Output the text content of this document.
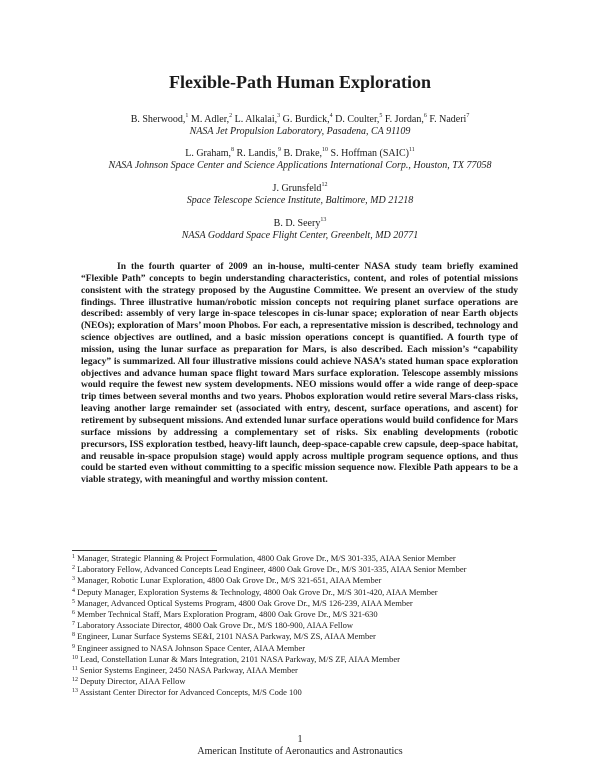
Flexible-Path Human Exploration
B. Sherwood,$^1$ M. Adler,$^2$ L. Alkalai,$^3$ G. Burdick,$^4$ D. Coulter,$^5$ F. Jordan,$^6$ F. Naderi$^7$
NASA Jet Propulsion Laboratory, Pasadena, CA 91109
L. Graham,$^8$ R. Landis,$^9$ B. Drake,$^{10}$ S. Hoffman (SAIC)$^{11}$
NASA Johnson Space Center and Science Applications International Corp., Houston, TX 77058
J. Grunsfeld$^{12}$
Space Telescope Science Institute, Baltimore, MD 21218
B. D. Seery$^{13}$
NASA Goddard Space Flight Center, Greenbelt, MD 20771

In the fourth quarter of 2009 an in-house, multi-center NASA study team briefly examined “Flexible Path” concepts to begin understanding characteristics, content, and roles of potential missions consistent with the strategy proposed by the Augustine Committee. We present an overview of the study findings. Three illustrative human/robotic mission concepts not requiring planet surface operations are described: assembly of very large in-space telescopes in cis-lunar space; exploration of near Earth objects (NEOs); exploration of Mars’ moon Phobos. For each, a representative mission is described, technology and science objectives are outlined, and a basic mission operations concept is quantified. A fourth type of mission, using the lunar surface as preparation for Mars, is also described. Each mission’s “capability legacy” is summarized. All four illustrative missions could achieve NASA’s stated human space exploration objectives and advance human space flight toward Mars surface exploration. Telescope assembly missions would require the fewest new system developments. NEO missions would offer a wide range of deep-space trip times between several months and two years. Phobos exploration would retire several Mars-class risks, leaving another large remainder set (associated with entry, descent, surface operations, and ascent) for retirement by subsequent missions. And extended lunar surface operations would build confidence for Mars surface missions by addressing a complementary set of risks. Six enabling developments (robotic precursors, ISS exploration testbed, heavy-lift launch, deep-space-capable crew capsule, deep-space habitat, and reusable in-space propulsion stage) would apply across multiple program sequence options, and thus could be started even without committing to a specific mission sequence now. Flexible Path appears to be a viable strategy, with meaningful and worthy mission content.

$^1$ Manager, Strategic Planning & Project Formulation, 4800 Oak Grove Dr., M/S 301-335, AIAA Senior Member
$^2$ Laboratory Fellow, Advanced Concepts Lead Engineer, 4800 Oak Grove Dr., M/S 301-335, AIAA Senior Member
$^3$ Manager, Robotic Lunar Exploration, 4800 Oak Grove Dr., M/S 321-651, AIAA Member
$^4$ Deputy Manager, Exploration Systems & Technology, 4800 Oak Grove Dr., M/S 301-420, AIAA Member
$^5$ Manager, Advanced Optical Systems Program, 4800 Oak Grove Dr., M/S 126-239, AIAA Member
$^6$ Member Technical Staff, Mars Exploration Program, 4800 Oak Grove Dr., M/S 321-630
$^7$ Laboratory Associate Director, 4800 Oak Grove Dr., M/S 180-900, AIAA Fellow
$^8$ Engineer, Lunar Surface Systems SE&I, 2101 NASA Parkway, M/S ZS, AIAA Member
$^9$ Engineer assigned to NASA Johnson Space Center, AIAA Member
$^{10}$ Lead, Constellation Lunar & Mars Integration, 2101 NASA Parkway, M/S ZF, AIAA Member
$^{11}$ Senior Systems Engineer, 2450 NASA Parkway, AIAA Member
$^{12}$ Deputy Director, AIAA Fellow
$^{13}$ Assistant Center Director for Advanced Concepts, M/S Code 100
1
American Institute of Aeronautics and Astronautics
